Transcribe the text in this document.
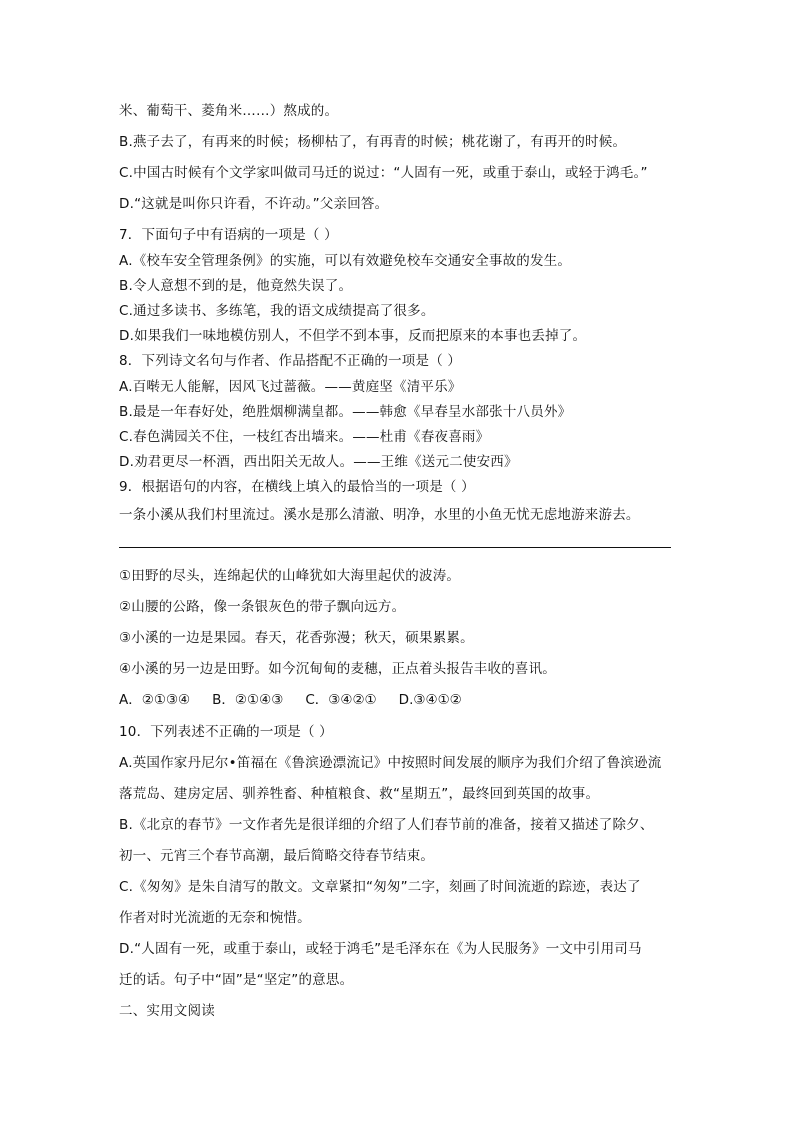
米、葡萄干、菱角米……）熬成的。
B.燕子去了，有再来的时候；杨柳枯了，有再青的时候；桃花谢了，有再开的时候。
C.中国古时候有个文学家叫做司马迁的说过：“人固有一死，或重于泰山，或轻于鸿毛。”
D.“这就是叫你只许看，不许动。”父亲回答。
7．下面句子中有语病的一项是（ ）
A.《校车安全管理条例》的实施，可以有效避免校车交通安全事故的发生。
B.令人意想不到的是，他竟然失误了。
C.通过多读书、多练笔，我的语文成绩提高了很多。
D.如果我们一味地模仿别人，不但学不到本事，反而把原来的本事也丢掉了。
8．下列诗文名句与作者、作品搭配不正确的一项是（ ）
A.百啭无人能解，因风飞过蔷薇。——黄庭坚《清平乐》
B.最是一年春好处，绝胜烟柳满皇都。——韩愈《早春呈水部张十八员外》
C.春色满园关不住，一枝红杏出墙来。——杜甫《春夜喜雨》
D.劝君更尽一杯酒，西出阳关无故人。——王维《送元二使安西》
9．根据语句的内容，在横线上填入的最恰当的一项是（ ）
一条小溪从我们村里流过。溪水是那么清澈、明净，水里的小鱼无忧无虑地游来游去。
①田野的尽头，连绵起伏的山峰犹如大海里起伏的波涛。
②山腰的公路，像一条银灰色的带子飘向远方。
③小溪的一边是果园。春天，花香弥漫；秋天，硕果累累。
④小溪的另一边是田野。如今沉甸甸的麦穗，正点着头报告丰收的喜讯。
A．②①③④ B．②①④③ C．③④②① D.③④①②
10．下列表述不正确的一项是（ ）
A.英国作家丹尼尔•笛福在《鲁滨逊漂流记》中按照时间发展的顺序为我们介绍了鲁滨逊流
落荒岛、建房定居、驯养牲畜、种植粮食、救“星期五”，最终回到英国的故事。
B.《北京的春节》一文作者先是很详细的介绍了人们春节前的准备，接着又描述了除夕、
初一、元宵三个春节高潮，最后简略交待春节结束。
C.《匆匆》是朱自清写的散文。文章紧扣“匆匆”二字，刻画了时间流逝的踪迹，表达了
作者对时光流逝的无奈和惋惜。
D.“人固有一死，或重于泰山，或轻于鸿毛”是毛泽东在《为人民服务》一文中引用司马
迁的话。句子中“固”是“坚定”的意思。
二、实用文阅读
